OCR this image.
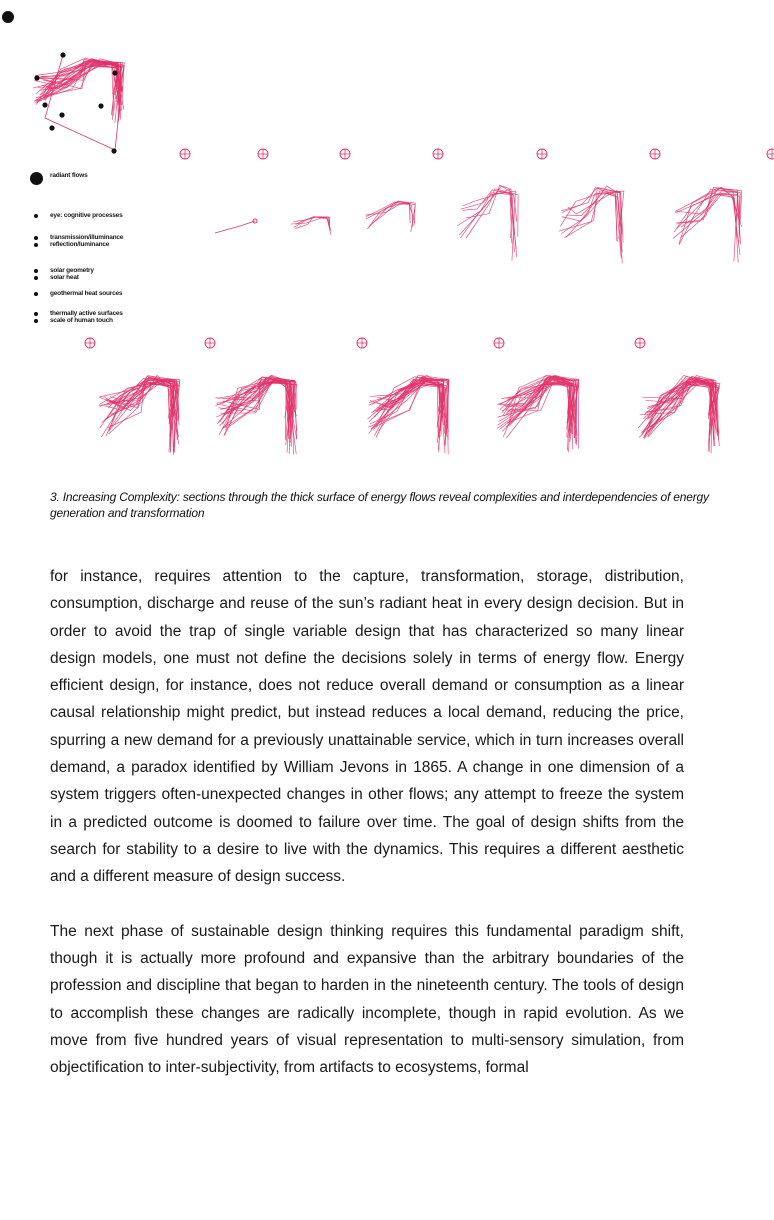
radiant flows
eye: cognitive processes
transmission/illuminance
reflection/luminance
solar geometry
solar heat
geothermal heat sources
thermally active surfaces
scale of human touch
3. Increasing Complexity: sections through the thick surface of energy flows reveal complexities and interdependencies of energy generation and transformation

for instance, requires attention to the capture, transformation, storage, distribution, consumption, discharge and reuse of the sun’s radiant heat in every design decision. But in order to avoid the trap of single variable design that has characterized so many linear design models, one must not define the decisions solely in terms of energy flow. Energy efficient design, for instance, does not reduce overall demand or consumption as a linear causal relationship might predict, but instead reduces a local demand, reducing the price, spurring a new demand for a previously unattainable service, which in turn increases overall demand, a paradox identified by William Jevons in 1865. A change in one dimension of a system triggers often-unexpected changes in other flows; any attempt to freeze the system in a predicted outcome is doomed to failure over time. The goal of design shifts from the search for stability to a desire to live with the dynamics. This requires a different aesthetic and a different measure of design success.

The next phase of sustainable design thinking requires this fundamental paradigm shift, though it is actually more profound and expansive than the arbitrary boundaries of the profession and discipline that began to harden in the nineteenth century. The tools of design to accomplish these changes are radically incomplete, though in rapid evolution. As we move from five hundred years of visual representation to multi-sensory simulation, from objectification to inter-subjectivity, from artifacts to ecosystems, formal
